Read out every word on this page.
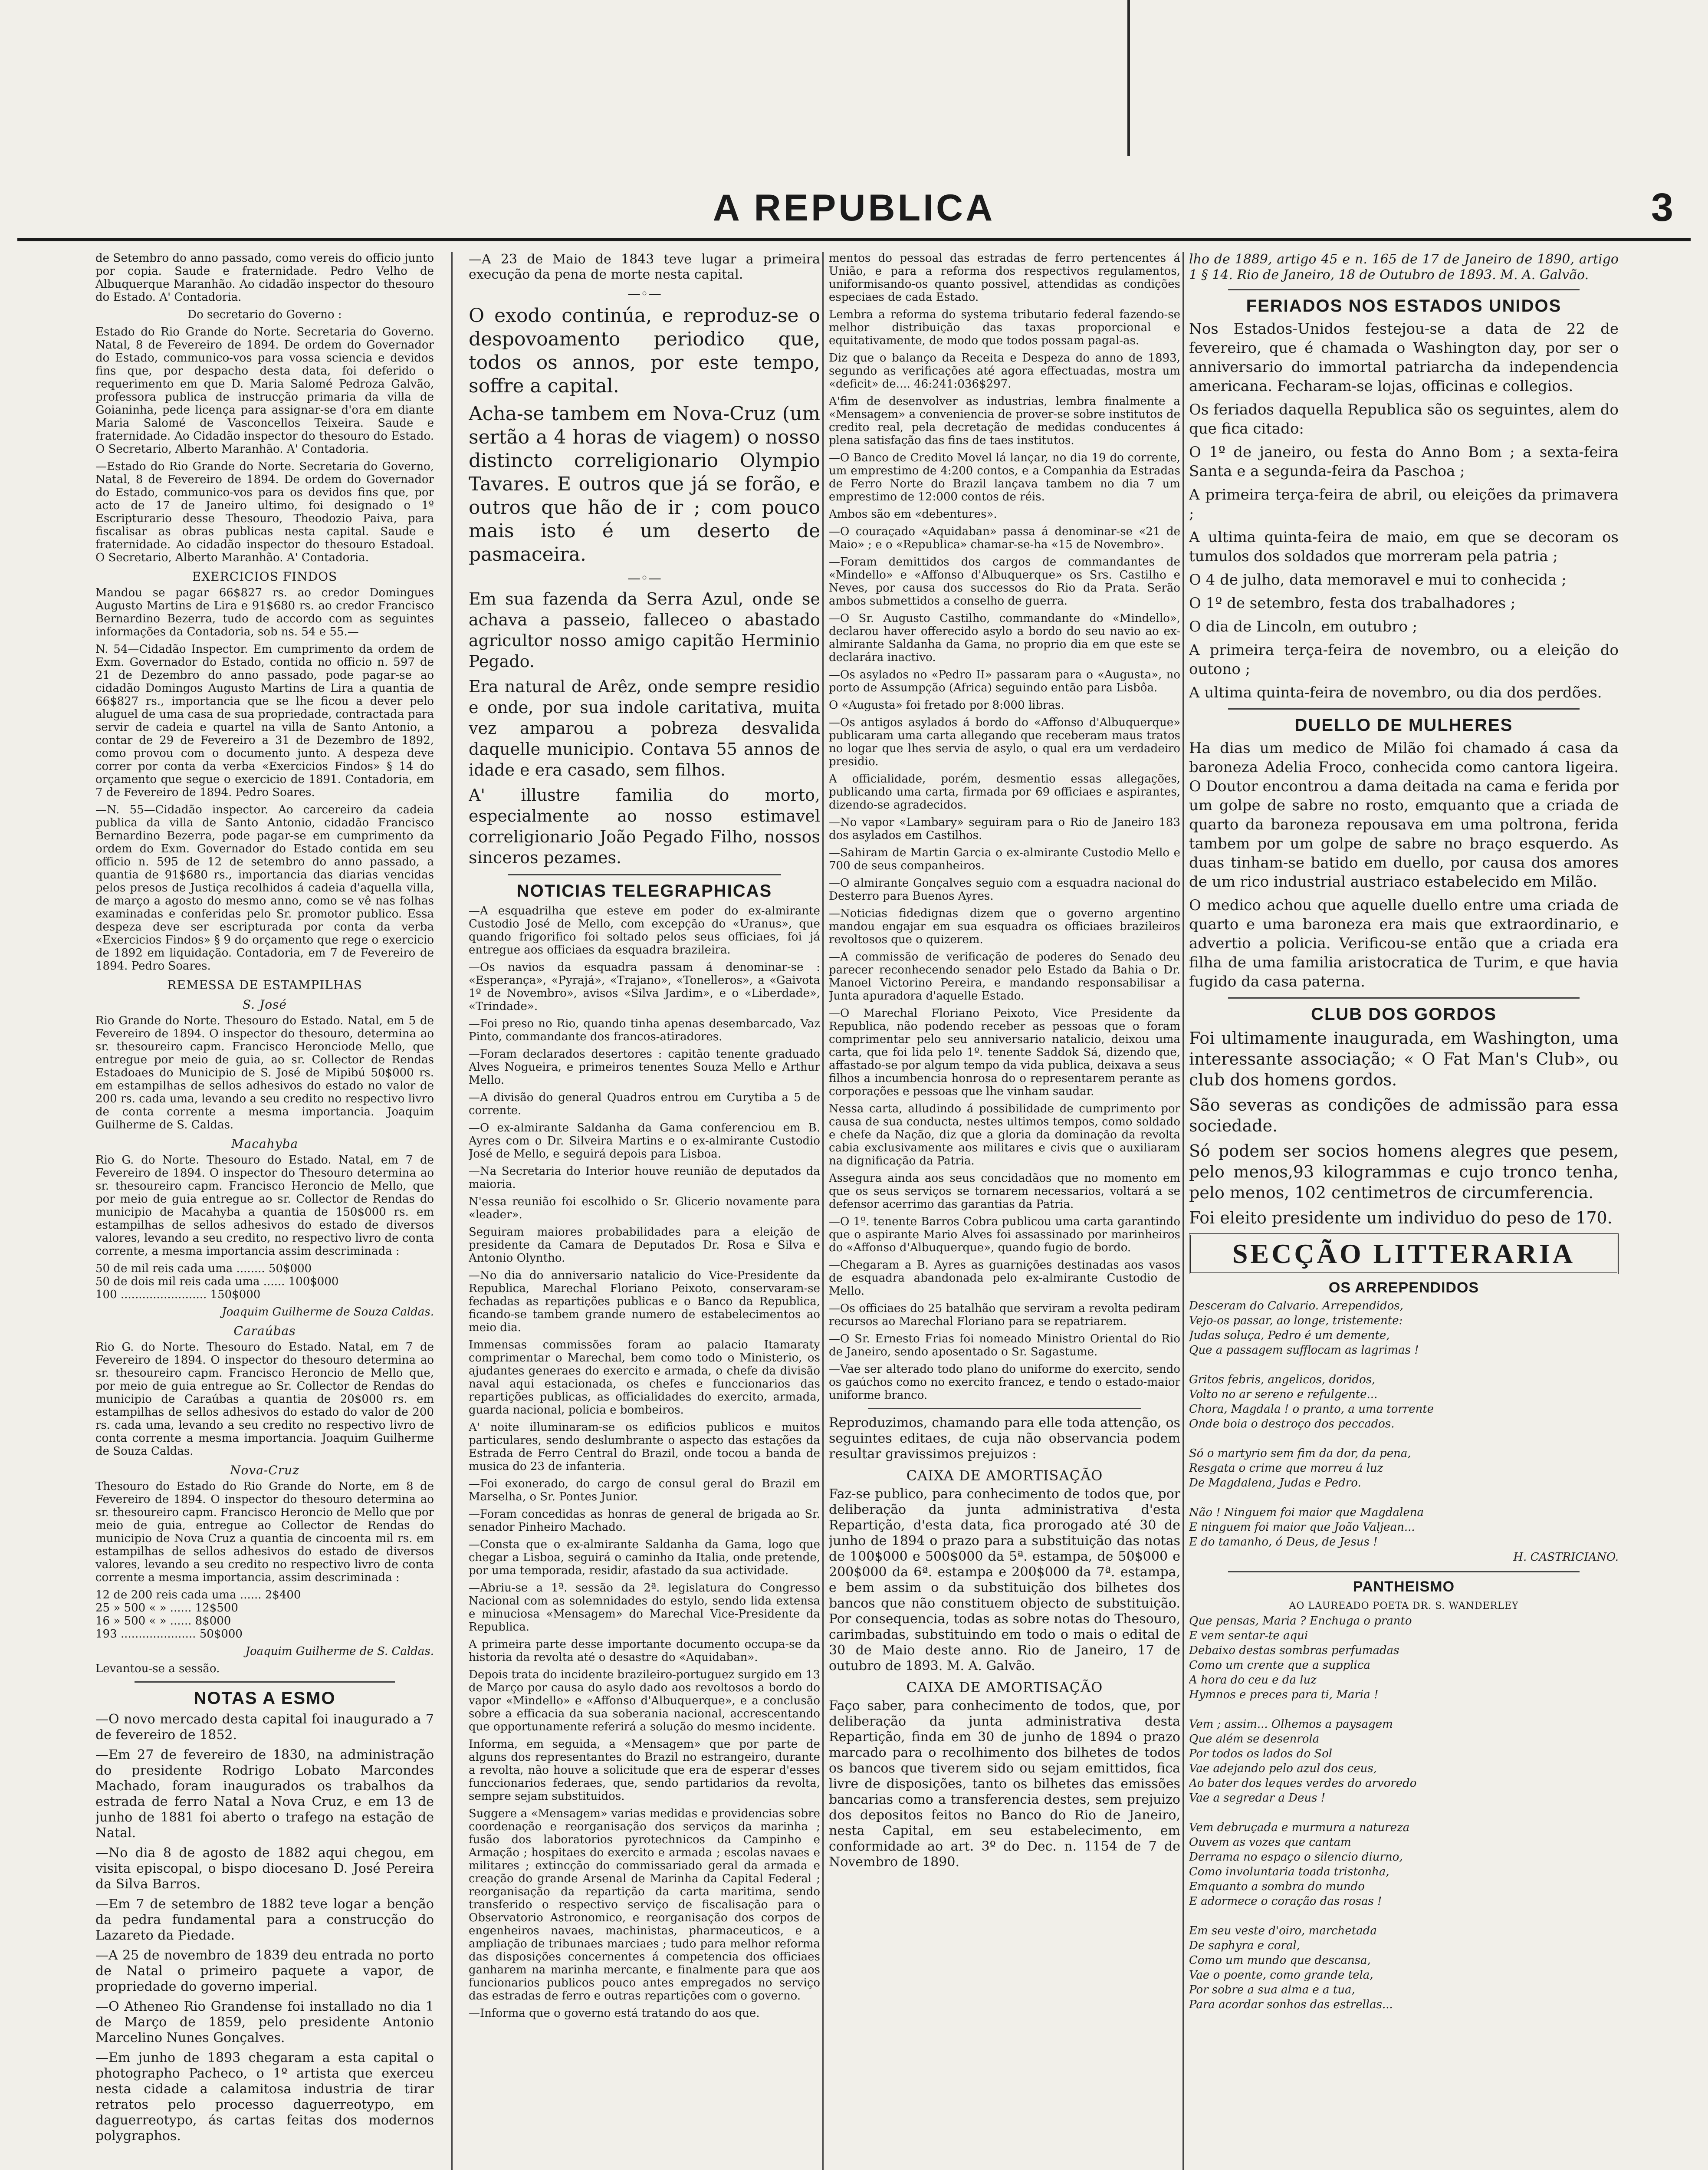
A REPUBLICA	3

de Setembro do anno passado, como vereis do officio junto por copia. Saude e fraternidade. Pedro Velho de Albuquerque Maranhão. Ao cidadão inspector do thesouro do Estado. A' Contadoria.

Do secretario do Governo :

Estado do Rio Grande do Norte. Secretaria do Governo. Natal, 8 de Fevereiro de 1894. De ordem do Governador do Estado, communico-vos para vossa sciencia e devidos fins que, por despacho desta data, foi deferido o requerimento em que D. Maria Salomé Pedroza Galvão, professora publica de instrucção primaria da villa de Goianinha, pede licença para assignar-se d'ora em diante Maria Salomé de Vasconcellos Teixeira. Saude e fraternidade. Ao Cidadão inspector do thesouro do Estado. O Secretario, Alberto Maranhão. A' Contadoria.

—Estado do Rio Grande do Norte. Secretaria do Governo, Natal, 8 de Fevereiro de 1894. De ordem do Governador do Estado, communico-vos para os devidos fins que, por acto de 17 de Janeiro ultimo, foi designado o 1º Escripturario desse Thesouro, Theodozio Paiva, para fiscalisar as obras publicas nesta capital. Saude e fraternidade. Ao cidadão inspector do thesouro Estadoal. O Secretario, Alberto Maranhão. A' Contadoria.

EXERCICIOS FINDOS

Mandou se pagar 66$827 rs. ao credor Domingues Augusto Martins de Lira e 91$680 rs. ao credor Francisco Bernardino Bezerra, tudo de accordo com as seguintes informações da Contadoria, sob ns. 54 e 55.—

N. 54—Cidadão Inspector. Em cumprimento da ordem de Exm. Governador do Estado, contida no officio n. 597 de 21 de Dezembro do anno passado, pode pagar-se ao cidadão Domingos Augusto Martins de Lira a quantia de 66$827 rs., importancia que se lhe ficou a dever pelo aluguel de uma casa de sua propriedade, contractada para servir de cadeia e quartel na villa de Santo Antonio, a contar de 29 de Fevereiro a 31 de Dezembro de 1892, como provou com o documento junto. A despeza deve correr por conta da verba «Exercicios Findos» § 14 do orçamento que segue o exercicio de 1891. Contadoria, em 7 de Fevereiro de 1894. Pedro Soares.

—N. 55—Cidadão inspector. Ao carcereiro da cadeia publica da villa de Santo Antonio, cidadão Francisco Bernardino Bezerra, pode pagar-se em cumprimento da ordem do Exm. Governador do Estado contida em seu officio n. 595 de 12 de setembro do anno passado, a quantia de 91$680 rs., importancia das diarias vencidas pelos presos de Justiça recolhidos á cadeia d'aquella villa, de março a agosto do mesmo anno, como se vê nas folhas examinadas e conferidas pelo Sr. promotor publico. Essa despeza deve ser escripturada por conta da verba «Exercicios Findos» § 9 do orçamento que rege o exercicio de 1892 em liquidação. Contadoria, em 7 de Fevereiro de 1894. Pedro Soares.

REMESSA DE ESTAMPILHAS
S. José

Rio Grande do Norte. Thesouro do Estado. Natal, em 5 de Fevereiro de 1894. O inspector do thesouro, determina ao sr. thesoureiro capm. Francisco Heronciode Mello, que entregue por meio de guia, ao sr. Collector de Rendas Estadoaes do Municipio de S. José de Mipibú 50$000 rs. em estampilhas de sellos adhesivos do estado no valor de 200 rs. cada uma, levando a seu credito no respectivo livro de conta corrente a mesma importancia. Joaquim Guilherme de S. Caldas.

Macahyba

Rio G. do Norte. Thesouro do Estado. Natal, em 7 de Fevereiro de 1894. O inspector do Thesouro determina ao sr. thesoureiro capm. Francisco Heroncio de Mello, que por meio de guia entregue ao sr. Collector de Rendas do municipio de Macahyba a quantia de 150$000 rs. em estampilhas de sellos adhesivos do estado de diversos valores, levando a seu credito, no respectivo livro de conta corrente, a mesma importancia assim descriminada :

50 de mil reis cada uma ........ 50$000

50 de dois mil reis cada uma ...... 100$000

100 ........................ 150$000

Joaquim Guilherme de Souza Caldas.

Caraúbas

Rio G. do Norte. Thesouro do Estado. Natal, em 7 de Fevereiro de 1894. O inspector do thesouro determina ao sr. thesoureiro capm. Francisco Heroncio de Mello que, por meio de guia entregue ao Sr. Collector de Rendas do municipio de Caraúbas a quantia de 20$000 rs. em estampilhas de sellos adhesivos do estado do valor de 200 rs. cada uma, levando a seu credito no respectivo livro de conta corrente a mesma importancia. Joaquim Guilherme de Souza Caldas.

Nova-Cruz

Thesouro do Estado do Rio Grande do Norte, em 8 de Fevereiro de 1894. O inspector do thesouro determina ao sr. thesoureiro capm. Francisco Heroncio de Mello que por meio de guia, entregue ao Collector de Rendas do municipio de Nova Cruz a quantia de cincoenta mil rs. em estampilhas de sellos adhesivos do estado de diversos valores, levando a seu credito no respectivo livro de conta corrente a mesma importancia, assim descriminada :

12 de 200 reis cada uma ...... 2$400

25 » 500 « » ...... 12$500

16 » 500 « » ...... 8$000

193 ..................... 50$000

Joaquim Guilherme de S. Caldas.

Levantou-se a sessão.

NOTAS A ESMO

—O novo mercado desta capital foi inaugurado a 7 de fevereiro de 1852.

—Em 27 de fevereiro de 1830, na administração do presidente Rodrigo Lobato Marcondes Machado, foram inaugurados os trabalhos da estrada de ferro Natal a Nova Cruz, e em 13 de junho de 1881 foi aberto o trafego na estação de Natal.

—No dia 8 de agosto de 1882 aqui chegou, em visita episcopal, o bispo diocesano D. José Pereira da Silva Barros.

—Em 7 de setembro de 1882 teve logar a benção da pedra fundamental para a construcção do Lazareto da Piedade.

—A 25 de novembro de 1839 deu entrada no porto de Natal o primeiro paquete a vapor, de propriedade do governo imperial.

—O Atheneo Rio Grandense foi installado no dia 1 de Março de 1859, pelo presidente Antonio Marcelino Nunes Gonçalves.

—Em junho de 1893 chegaram a esta capital o photographo Pacheco, o 1º artista que exerceu nesta cidade a calamitosa industria de tirar retratos pelo processo daguerreotypo, em daguerreotypo, ás cartas feitas dos modernos polygraphos.

—A 23 de Maio de 1843 teve lugar a primeira execução da pena de morte nesta capital.

—◦—

O exodo continúa, e reproduz-se o despovoamento periodico que, todos os annos, por este tempo, soffre a capital.

Acha-se tambem em Nova-Cruz (um sertão a 4 horas de viagem) o nosso distincto correligionario Olympio Tavares. E outros que já se forão, e outros que hão de ir ; com pouco mais isto é um deserto de pasmaceira.

—◦—

Em sua fazenda da Serra Azul, onde se achava a passeio, falleceo o abastado agricultor nosso amigo capitão Herminio Pegado.

Era natural de Arêz, onde sempre residio e onde, por sua indole caritativa, muita vez amparou a pobreza desvalida daquelle municipio. Contava 55 annos de idade e era casado, sem filhos.

A' illustre familia do morto, especialmente ao nosso estimavel correligionario João Pegado Filho, nossos sinceros pezames.

NOTICIAS TELEGRAPHICAS

—A esquadrilha que esteve em poder do ex-almirante Custodio José de Mello, com excepção do «Uranus», que quando frigorifico foi soltado pelos seus officiaes, foi já entregue aos officiaes da esquadra brazileira.

—Os navios da esquadra passam á denominar-se : «Esperança», «Pyrajá», «Trajano», «Tonelleros», a «Gaivota 1º de Novembro», avisos «Silva Jardim», e o «Liberdade», «Trindade».

—Foi preso no Rio, quando tinha apenas desembarcado, Vaz Pinto, commandante dos francos-atiradores.

—Foram declarados desertores : capitão tenente graduado Alves Nogueira, e primeiros tenentes Souza Mello e Arthur Mello.

—A divisão do general Quadros entrou em Curytiba a 5 de corrente.

—O ex-almirante Saldanha da Gama conferenciou em B. Ayres com o Dr. Silveira Martins e o ex-almirante Custodio José de Mello, e seguirá depois para Lisboa.

—Na Secretaria do Interior houve reunião de deputados da maioria.

N'essa reunião foi escolhido o Sr. Glicerio novamente para «leader».

Seguiram maiores probabilidades para a eleição de presidente da Camara de Deputados Dr. Rosa e Silva e Antonio Olyntho.

—No dia do anniversario natalicio do Vice-Presidente da Republica, Marechal Floriano Peixoto, conservaram-se fechadas as repartições publicas e o Banco da Republica, ficando-se tambem grande numero de estabelecimentos ao meio dia.

Immensas commissões foram ao palacio Itamaraty comprimentar o Marechal, bem como todo o Ministerio, os ajudantes generaes do exercito e armada, o chefe da divisão naval aqui estacionada, os chefes e funccionarios das repartições publicas, as officialidades do exercito, armada, guarda nacional, policia e bombeiros.

A' noite illuminaram-se os edificios publicos e muitos particulares, sendo deslumbrante o aspecto das estações da Estrada de Ferro Central do Brazil, onde tocou a banda de musica do 23 de infanteria.

—Foi exonerado, do cargo de consul geral do Brazil em Marselha, o Sr. Pontes Junior.

—Foram concedidas as honras de general de brigada ao Sr. senador Pinheiro Machado.

—Consta que o ex-almirante Saldanha da Gama, logo que chegar a Lisboa, seguirá o caminho da Italia, onde pretende, por uma temporada, residir, afastado da sua actividade.

—Abriu-se a 1ª. sessão da 2ª. legislatura do Congresso Nacional com as solemnidades do estylo, sendo lida extensa e minuciosa «Mensagem» do Marechal Vice-Presidente da Republica.

A primeira parte desse importante documento occupa-se da historia da revolta até o desastre do «Aquidaban».

Depois trata do incidente brazileiro-portuguez surgido em 13 de Março por causa do asylo dado aos revoltosos a bordo do vapor «Mindello» e «Affonso d'Albuquerque», e a conclusão sobre a efficacia da sua soberania nacional, accrescentando que opportunamente referirá a solução do mesmo incidente.

Informa, em seguida, a «Mensagem» que por parte de alguns dos representantes do Brazil no estrangeiro, durante a revolta, não houve a solicitude que era de esperar d'esses funccionarios federaes, que, sendo partidarios da revolta, sempre sejam substituidos.

Suggere a «Mensagem» varias medidas e providencias sobre coordenação e reorganisação dos serviços da marinha ; fusão dos laboratorios pyrotechnicos da Campinho e Armação ; hospitaes do exercito e armada ; escolas navaes e militares ; extincção do commissariado geral da armada e creação do grande Arsenal de Marinha da Capital Federal ; reorganisação da repartição da carta maritima, sendo transferido o respectivo serviço de fiscalisação para o Observatorio Astronomico, e reorganisação dos corpos de engenheiros navaes, machinistas, pharmaceuticos, e a ampliação de tribunaes marciaes ; tudo para melhor reforma das disposições concernentes á competencia dos officiaes ganharem na marinha mercante, e finalmente para que aos funcionarios publicos pouco antes empregados no serviço das estradas de ferro e outras repartições com o governo.

—Informa que o governo está tratando do aos que.

mentos do pessoal das estradas de ferro pertencentes á União, e para a reforma dos respectivos regulamentos, uniformisando-os quanto possivel, attendidas as condições especiaes de cada Estado.

Lembra a reforma do systema tributario federal fazendo-se melhor distribuição das taxas proporcional e equitativamente, de modo que todos possam pagal-as.

Diz que o balanço da Receita e Despeza do anno de 1893, segundo as verificações até agora effectuadas, mostra um «deficit» de.... 46:241:036$297.

A'fim de desenvolver as industrias, lembra finalmente a «Mensagem» a conveniencia de prover-se sobre institutos de credito real, pela decretação de medidas conducentes á plena satisfação das fins de taes institutos.

—O Banco de Credito Movel lá lançar, no dia 19 do corrente, um emprestimo de 4:200 contos, e a Companhia da Estradas de Ferro Norte do Brazil lançava tambem no dia 7 um emprestimo de 12:000 contos de réis.

Ambos são em «debentures».

—O couraçado «Aquidaban» passa á denominar-se «21 de Maio» ; e o «Republica» chamar-se-ha «15 de Novembro».

—Foram demittidos dos cargos de commandantes de «Mindello» e «Affonso d'Albuquerque» os Srs. Castilho e Neves, por causa dos successos do Rio da Prata. Serão ambos submettidos a conselho de guerra.

—O Sr. Augusto Castilho, commandante do «Mindello», declarou haver offerecido asylo a bordo do seu navio ao ex-almirante Saldanha da Gama, no proprio dia em que este se declarára inactivo.

—Os asylados no «Pedro II» passaram para o «Augusta», no porto de Assumpção (Africa) seguindo então para Lisbôa.

O «Augusta» foi fretado por 8:000 libras.

—Os antigos asylados á bordo do «Affonso d'Albuquerque» publicaram uma carta allegando que receberam maus tratos no logar que lhes servia de asylo, o qual era um verdadeiro presidio.

A officialidade, porém, desmentio essas allegações, publicando uma carta, firmada por 69 officiaes e aspirantes, dizendo-se agradecidos.

—No vapor «Lambary» seguiram para o Rio de Janeiro 183 dos asylados em Castilhos.

—Sahiram de Martin Garcia o ex-almirante Custodio Mello e 700 de seus companheiros.

—O almirante Gonçalves seguio com a esquadra nacional do Desterro para Buenos Ayres.

—Noticias fidedignas dizem que o governo argentino mandou engajar em sua esquadra os officiaes brazileiros revoltosos que o quizerem.

—A commissão de verificação de poderes do Senado deu parecer reconhecendo senador pelo Estado da Bahia o Dr. Manoel Victorino Pereira, e mandando responsabilisar a Junta apuradora d'aquelle Estado.

—O Marechal Floriano Peixoto, Vice Presidente da Republica, não podendo receber as pessoas que o foram comprimentar pelo seu anniversario natalicio, deixou uma carta, que foi lida pelo 1º. tenente Saddok Sá, dizendo que, affastado-se por algum tempo da vida publica, deixava a seus filhos a incumbencia honrosa do o representarem perante as corporações e pessoas que lhe vinham saudar.

Nessa carta, alludindo á possibilidade de cumprimento por causa de sua conducta, nestes ultimos tempos, como soldado e chefe da Nação, diz que a gloria da dominação da revolta cabia exclusivamente aos militares e civis que o auxiliaram na dignificação da Patria.

Assegura ainda aos seus concidadãos que no momento em que os seus serviços se tornarem necessarios, voltará a se defensor acerrimo das garantias da Patria.

—O 1º. tenente Barros Cobra publicou uma carta garantindo que o aspirante Mario Alves foi assassinado por marinheiros do «Affonso d'Albuquerque», quando fugio de bordo.

—Chegaram a B. Ayres as guarnições destinadas aos vasos de esquadra abandonada pelo ex-almirante Custodio de Mello.

—Os officiaes do 25 batalhão que serviram a revolta pediram recursos ao Marechal Floriano para se repatriarem.

—O Sr. Ernesto Frias foi nomeado Ministro Oriental do Rio de Janeiro, sendo aposentado o Sr. Sagastume.

—Vae ser alterado todo plano do uniforme do exercito, sendo os gaúchos como no exercito francez, e tendo o estado-maior uniforme branco.

Reproduzimos, chamando para elle toda attenção, os seguintes editaes, de cuja não observancia podem resultar gravissimos prejuizos :

CAIXA DE AMORTISAÇÃO

Faz-se publico, para conhecimento de todos que, por deliberação da junta administrativa d'esta Repartição, d'esta data, fica prorogado até 30 de junho de 1894 o prazo para a substituição das notas de 100$000 e 500$000 da 5ª. estampa, de 50$000 e 200$000 da 6ª. estampa e 200$000 da 7ª. estampa, e bem assim o da substituição dos bilhetes dos bancos que não constituem objecto de substituição. Por consequencia, todas as sobre notas do Thesouro, carimbadas, substituindo em todo o mais o edital de 30 de Maio deste anno. Rio de Janeiro, 17 de outubro de 1893. M. A. Galvão.

CAIXA DE AMORTISAÇÃO

Faço saber, para conhecimento de todos, que, por deliberação da junta administrativa desta Repartição, finda em 30 de junho de 1894 o prazo marcado para o recolhimento dos bilhetes de todos os bancos que tiverem sido ou sejam emittidos, fica livre de disposições, tanto os bilhetes das emissões bancarias como a transferencia destes, sem prejuizo dos depositos feitos no Banco do Rio de Janeiro, nesta Capital, em seu estabelecimento, em conformidade ao art. 3º do Dec. n. 1154 de 7 de Novembro de 1890.

lho de 1889, artigo 45 e n. 165 de 17 de Janeiro de 1890, artigo 1 § 14. Rio de Janeiro, 18 de Outubro de 1893. M. A. Galvão.

FERIADOS NOS ESTADOS UNIDOS

Nos Estados-Unidos festejou-se a data de 22 de fevereiro, que é chamada o Washington day, por ser o anniversario do immortal patriarcha da independencia americana. Fecharam-se lojas, officinas e collegios.

Os feriados daquella Republica são os seguintes, alem do que fica citado:

O 1º de janeiro, ou festa do Anno Bom ; a sexta-feira Santa e a segunda-feira da Paschoa ;

A primeira terça-feira de abril, ou eleições da primavera ;

A ultima quinta-feira de maio, em que se decoram os tumulos dos soldados que morreram pela patria ;

O 4 de julho, data memoravel e mui to conhecida ;

O 1º de setembro, festa dos trabalhadores ;

O dia de Lincoln, em outubro ;

A primeira terça-feira de novembro, ou a eleição do outono ;

A ultima quinta-feira de novembro, ou dia dos perdões.

DUELLO DE MULHERES

Ha dias um medico de Milão foi chamado á casa da baroneza Adelia Froco, conhecida como cantora ligeira. O Doutor encontrou a dama deitada na cama e ferida por um golpe de sabre no rosto, emquanto que a criada de quarto da baroneza repousava em uma poltrona, ferida tambem por um golpe de sabre no braço esquerdo. As duas tinham-se batido em duello, por causa dos amores de um rico industrial austriaco estabelecido em Milão.

O medico achou que aquelle duello entre uma criada de quarto e uma baroneza era mais que extraordinario, e advertio a policia. Verificou-se então que a criada era filha de uma familia aristocratica de Turim, e que havia fugido da casa paterna.

CLUB DOS GORDOS

Foi ultimamente inaugurada, em Washington, uma interessante associação; « O Fat Man's Club», ou club dos homens gordos.

São severas as condições de admissão para essa sociedade.

Só podem ser socios homens alegres que pesem, pelo menos,93 kilogrammas e cujo tronco tenha, pelo menos, 102 centimetros de circumferencia.

Foi eleito presidente um individuo do peso de 170.

SECÇÃO LITTERARIA
OS ARREPENDIDOS

Desceram do Calvario. Arrependidos,

Vejo-os passar, ao longe, tristemente:

Judas soluça, Pedro é um demente,

Que a passagem sufflocam as lagrimas !

Gritos febris, angelicos, doridos,

Volto no ar sereno e refulgente...

Chora, Magdala ! o pranto, a uma torrente

Onde boia o destroço dos peccados.

Só o martyrio sem fim da dor, da pena,

Resgata o crime que morreu á luz

De Magdalena, Judas e Pedro.

Não ! Ninguem foi maior que Magdalena

E ninguem foi maior que João Valjean...

E do tamanho, ó Deus, de Jesus !

H. CASTRICIANO.

PANTHEISMO
AO LAUREADO POETA DR. S. WANDERLEY

Que pensas, Maria ? Enchuga o pranto

E vem sentar-te aqui

Debaixo destas sombras perfumadas

Como um crente que a supplica

A hora do ceu e da luz

Hymnos e preces para ti, Maria !

Vem ; assim... Olhemos a paysagem

Que além se desenrola

Por todos os lados do Sol

Vae adejando pelo azul dos ceus,

Ao bater dos leques verdes do arvoredo

Vae a segredar a Deus !

Vem debruçada e murmura a natureza

Ouvem as vozes que cantam

Derrama no espaço o silencio diurno,

Como involuntaria toada tristonha,

Emquanto a sombra do mundo

E adormece o coração das rosas !

Em seu veste d'oiro, marchetada

De saphyra e coral,

Como um mundo que descansa,

Vae o poente, como grande tela,

Por sobre a sua alma e a tua,

Para acordar sonhos das estrellas...
